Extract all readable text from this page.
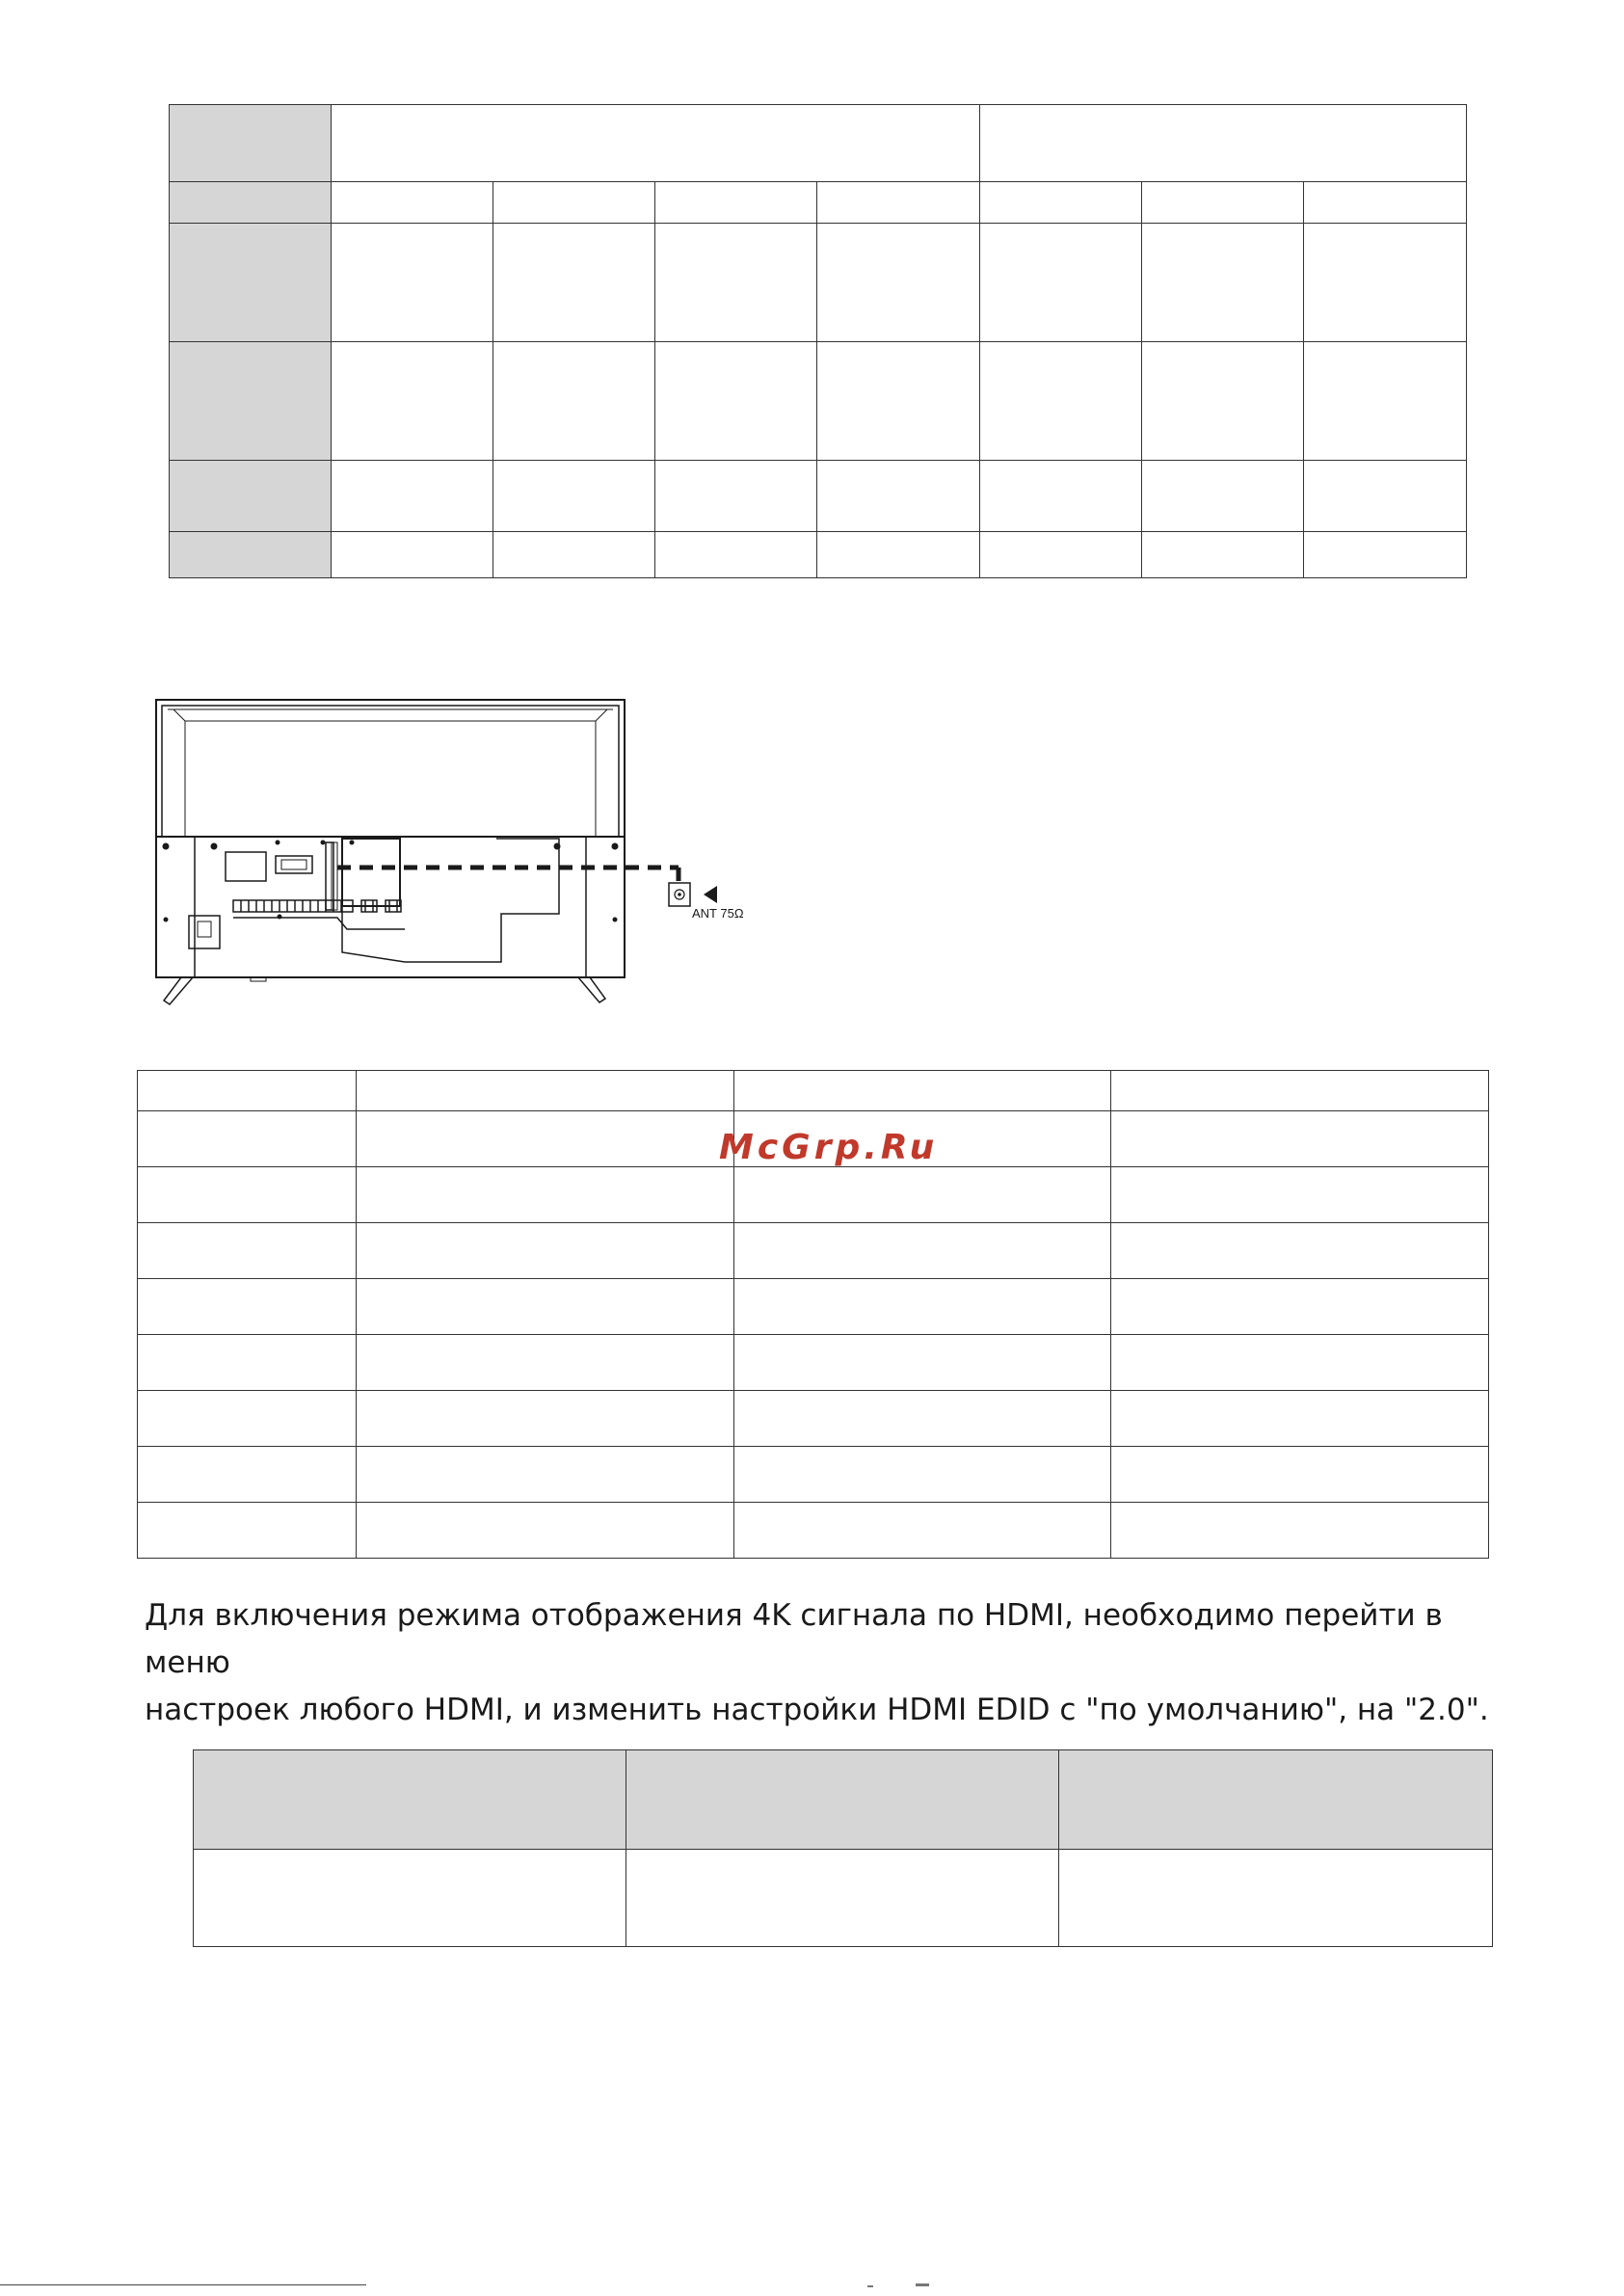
ANT 75Ω

McGrp.Ru

Для включения режима отображения 4K сигнала по HDMI, необходимо перейти в меню

настроек любого HDMI, и изменить настройки HDMI EDID с "по умолчанию", на "2.0".
